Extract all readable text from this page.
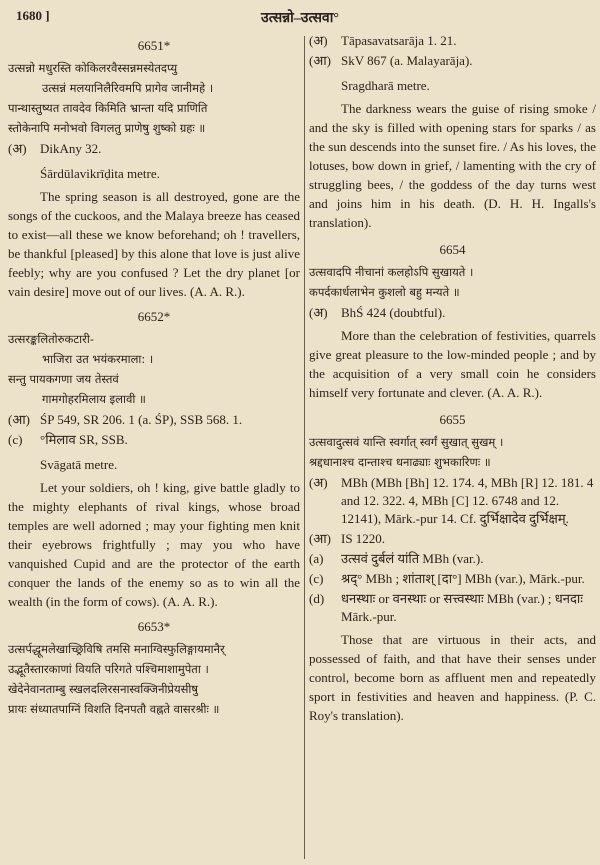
1680 ]	उत्सन्नो–उत्सवा°
6651*
उत्सन्नो मधुरस्ति कोकिलरवैस्सन्नमस्येतदप्यु
उत्सन्नं मलयानिलैरिवमपि प्रागेव जानीमहे ।
पान्थास्तुष्यत तावदेव किमिति भ्रान्ता यदि प्राणिति
स्तोकेनापि मनोभवो विगलतु प्राणेषु शुष्को ग्रहः ॥
(अ)	DikAny 32.

Śārdūlavikrīḍita metre.

The spring season is all destroyed, gone are the songs of the cuckoos, and the Malaya breeze has ceased to exist—all these we know beforehand; oh ! travellers, be thankful [pleased] by this alone that love is just alive feebly; why are you confused ? Let the dry planet [or vain desire] move out of our lives. (A. A. R.).

6652*
उत्सरङ्कलितोरुकटारी-
भाजिरा उत भयंकरमाला: ।
सन्तु पायकगणा जय तेस्तवं
गामगोहरमिलाय इलावी ॥
(आ) ŚP 549, SR 206. 1 (a. ŚP), SSB 568. 1.
(c)	°मिलाव SR, SSB.

Svāgatā metre.

Let your soldiers, oh ! king, give battle gladly to the mighty elephants of rival kings, whose broad temples are well adorned ; may your fighting men knit their eyebrows frightfully ; may you who have vanquished Cupid and are the protector of the earth conquer the lands of the enemy so as to win all the wealth (in the form of cows). (A. A. R.).

6653*
उत्सर्पद्धूमलेखाच्छ्रिविषि तमसि मनाग्विस्फुलिङ्गायमानैर्
उद्भूतैस्तारकाणां वियति परिगते पश्चिमाशामुपेता ।
खेदेनेवानताम्बु स्खलदलिरसनास्वक्जिनीप्रेयसीषु
प्रायः संध्यातपाग्निं विशति दिनपतौ वह्नते वासरश्रीः ॥
(अ)	Tāpasavatsarāja 1. 21.
(आ) SkV 867 (a. Malayarāja).

Sragdharā metre.

The darkness wears the guise of rising smoke / and the sky is filled with opening stars for sparks / as the sun descends into the sunset fire. / As his loves, the lotuses, bow down in grief, / lamenting with the cry of struggling bees, / the goddess of the day turns west and joins him in his death. (D. H. H. Ingalls's translation).

6654
उत्सवादपि नीचानां कलहोऽपि सुखायते ।
कपर्दकार्धलाभेन कुशलो बहु मन्यते ॥
(अ)	BhŚ 424 (doubtful).

More than the celebration of festivities, quarrels give great pleasure to the low-minded people ; and by the acquisition of a very small coin he considers himself very fortunate and clever. (A. A. R.).

6655
उत्सवादुत्सवं यान्ति स्वर्गात् स्वर्गं सुखात् सुखम् ।
श्रद्दधानाश्च दान्ताश्च धनाढ्याः शुभकारिणः ॥
(अ)	MBh (MBh [Bh] 12. 174. 4, MBh [R] 12. 181. 4 and 12. 322. 4, MBh [C] 12. 6748 and 12. 12141), Mārk.-pur 14. Cf. दुर्भिक्षादेव दुर्भिक्षम्.
(आ) IS 1220.
(a)	उत्सवं दुर्बलं यांति MBh (var.).
(c)	श्रद्° MBh ; शांताश् [दा°] MBh (var.), Mārk.-pur.
(d)	धनस्थाः or वनस्थाः or सत्त्वस्थाः MBh (var.) ; धनदाः Mārk.-pur.

Those that are virtuous in their acts, and possessed of faith, and that have their senses under control, become born as affluent men and repeatedly sport in festivities and heaven and happiness. (P. C. Roy's translation).
